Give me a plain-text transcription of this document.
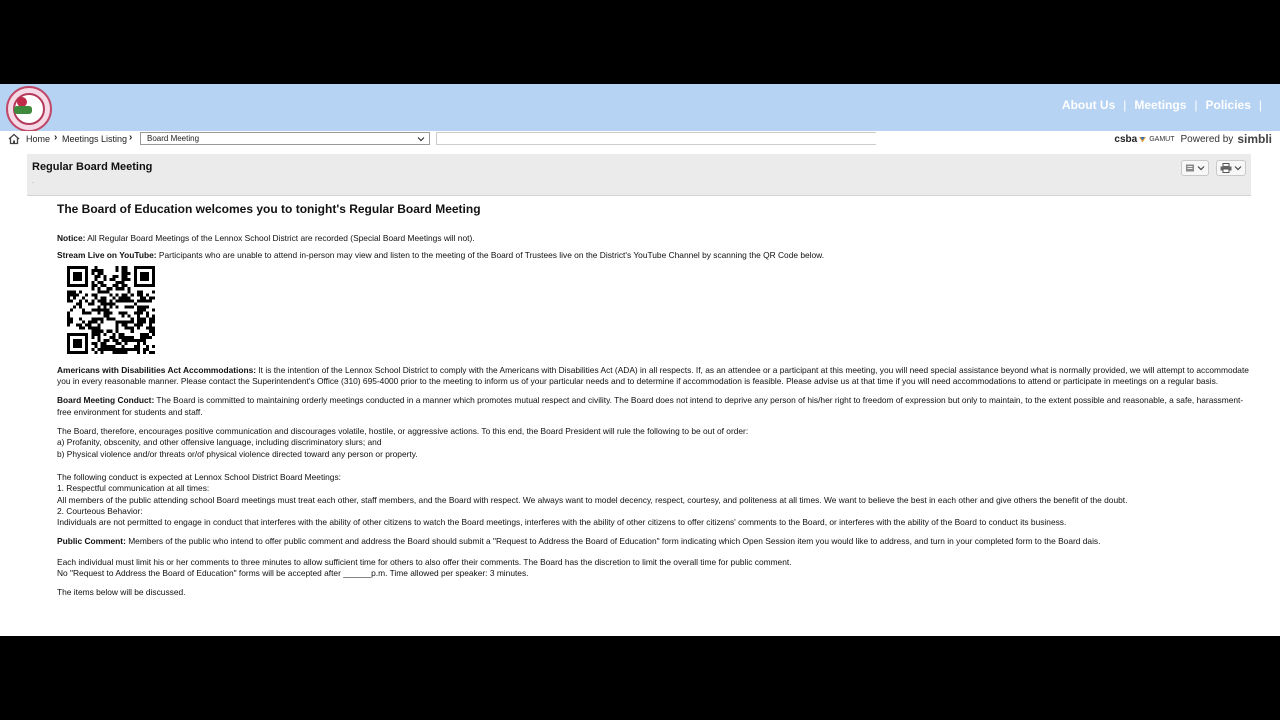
About Us | Meetings | Policies |
Home › Meetings Listing ›	Board Meeting	csba GAMUT Powered by simbli
Regular Board Meeting
.
The Board of Education welcomes you to tonight's Regular Board Meeting

Notice: All Regular Board Meetings of the Lennox School District are recorded (Special Board Meetings will not).

Stream Live on YouTube: Participants who are unable to attend in-person may view and listen to the meeting of the Board of Trustees live on the District's YouTube Channel by scanning the QR Code below.

Americans with Disabilities Act Accommodations: It is the intention of the Lennox School District to comply with the Americans with Disabilities Act (ADA) in all respects. If, as an attendee or a participant at this meeting, you will need special assistance beyond what is normally provided, we will attempt to accommodate you in every reasonable manner. Please contact the Superintendent's Office (310) 695-4000 prior to the meeting to inform us of your particular needs and to determine if accommodation is feasible. Please advise us at that time if you will need accommodations to attend or participate in meetings on a regular basis.

Board Meeting Conduct: The Board is committed to maintaining orderly meetings conducted in a manner which promotes mutual respect and civility. The Board does not intend to deprive any person of his/her right to freedom of expression but only to maintain, to the extent possible and reasonable, a safe, harassment-free environment for students and staff.

The Board, therefore, encourages positive communication and discourages volatile, hostile, or aggressive actions. To this end, the Board President will rule the following to be out of order:
a) Profanity, obscenity, and other offensive language, including discriminatory slurs; and
b) Physical violence and/or threats or/of physical violence directed toward any person or property.

The following conduct is expected at Lennox School District Board Meetings:
1. Respectful communication at all times:
All members of the public attending school Board meetings must treat each other, staff members, and the Board with respect. We always want to model decency, respect, courtesy, and politeness at all times. We want to believe the best in each other and give others the benefit of the doubt.
2. Courteous Behavior:
Individuals are not permitted to engage in conduct that interferes with the ability of other citizens to watch the Board meetings, interferes with the ability of other citizens to offer citizens' comments to the Board, or interferes with the ability of the Board to conduct its business.

Public Comment: Members of the public who intend to offer public comment and address the Board should submit a "Request to Address the Board of Education" form indicating which Open Session item you would like to address, and turn in your completed form to the Board dais.

Each individual must limit his or her comments to three minutes to allow sufficient time for others to also offer their comments. The Board has the discretion to limit the overall time for public comment.
No "Request to Address the Board of Education" forms will be accepted after ______p.m. Time allowed per speaker: 3 minutes.

The items below will be discussed.
